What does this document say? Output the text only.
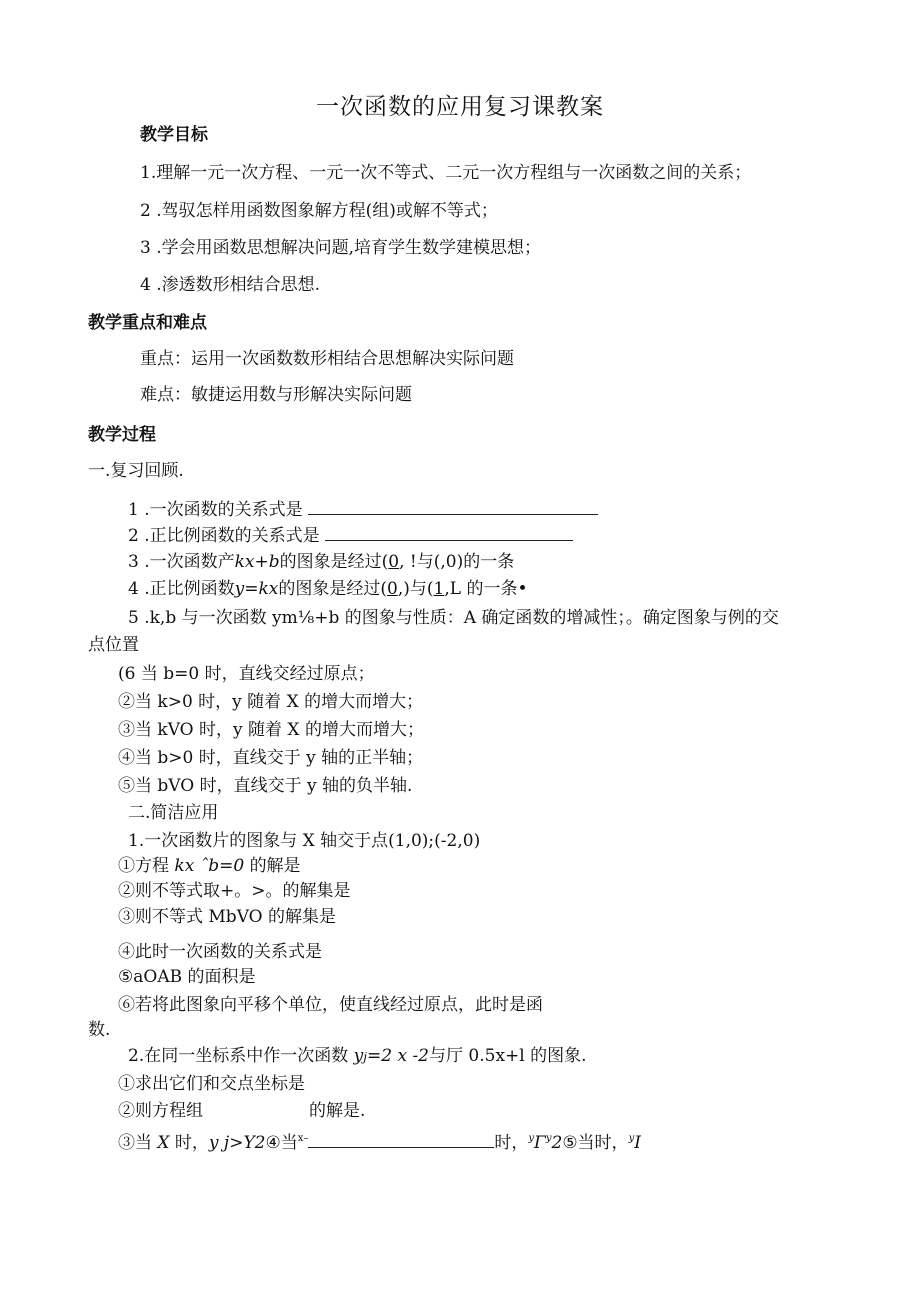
一次函数的应用复习课教案
教学目标
1.理解一元一次方程、一元一次不等式、二元一次方程组与一次函数之间的关系；
2 .驾驭怎样用函数图象解方程(组)或解不等式；
3 .学会用函数思想解决问题,培育学生数学建模思想；
4 .渗透数形相结合思想.
教学重点和难点
重点：运用一次函数数形相结合思想解决实际问题
难点：敏捷运用数与形解决实际问题
教学过程
一.复习回顾.
1 .一次函数的关系式是
2 .正比例函数的关系式是
3 .一次函数产kx+b的图象是经过(0, !与(,0)的一条
4 .正比例函数y=kx的图象是经过(0,)与(1,L 的一条•
5 .k,b 与一次函数 ym⅛+b 的图象与性质：A 确定函数的增减性；。确定图象与例的交
点位置
(6 当 b=0 时，直线交经过原点；
②当 k>0 时，y 随着 X 的增大而增大；
③当 kVO 时，y 随着 X 的增大而增大；
④当 b>0 时，直线交于 y 轴的正半轴；
⑤当 bVO 时，直线交于 y 轴的负半轴.
二.简洁应用
1.一次函数片的图象与 X 轴交于点(1,0);(-2,0)
①方程 kx ˆb=0 的解是
②则不等式取+。>。的解集是
③则不等式 MbVO 的解集是
④此时一次函数的关系式是
⑤aOAB 的面积是
⑥若将此图象向平移个单位，使直线经过原点，此时是函
数.
2.在同一坐标系中作一次函数 yj=2 x -2与厅 0.5x+l 的图象.
①求出它们和交点坐标是
②则方程组	的解是.
③当 X 时，y j>Y2④当$^{x-}$	时，$^y\Gamma^y2⑤$当时，$^y$I
